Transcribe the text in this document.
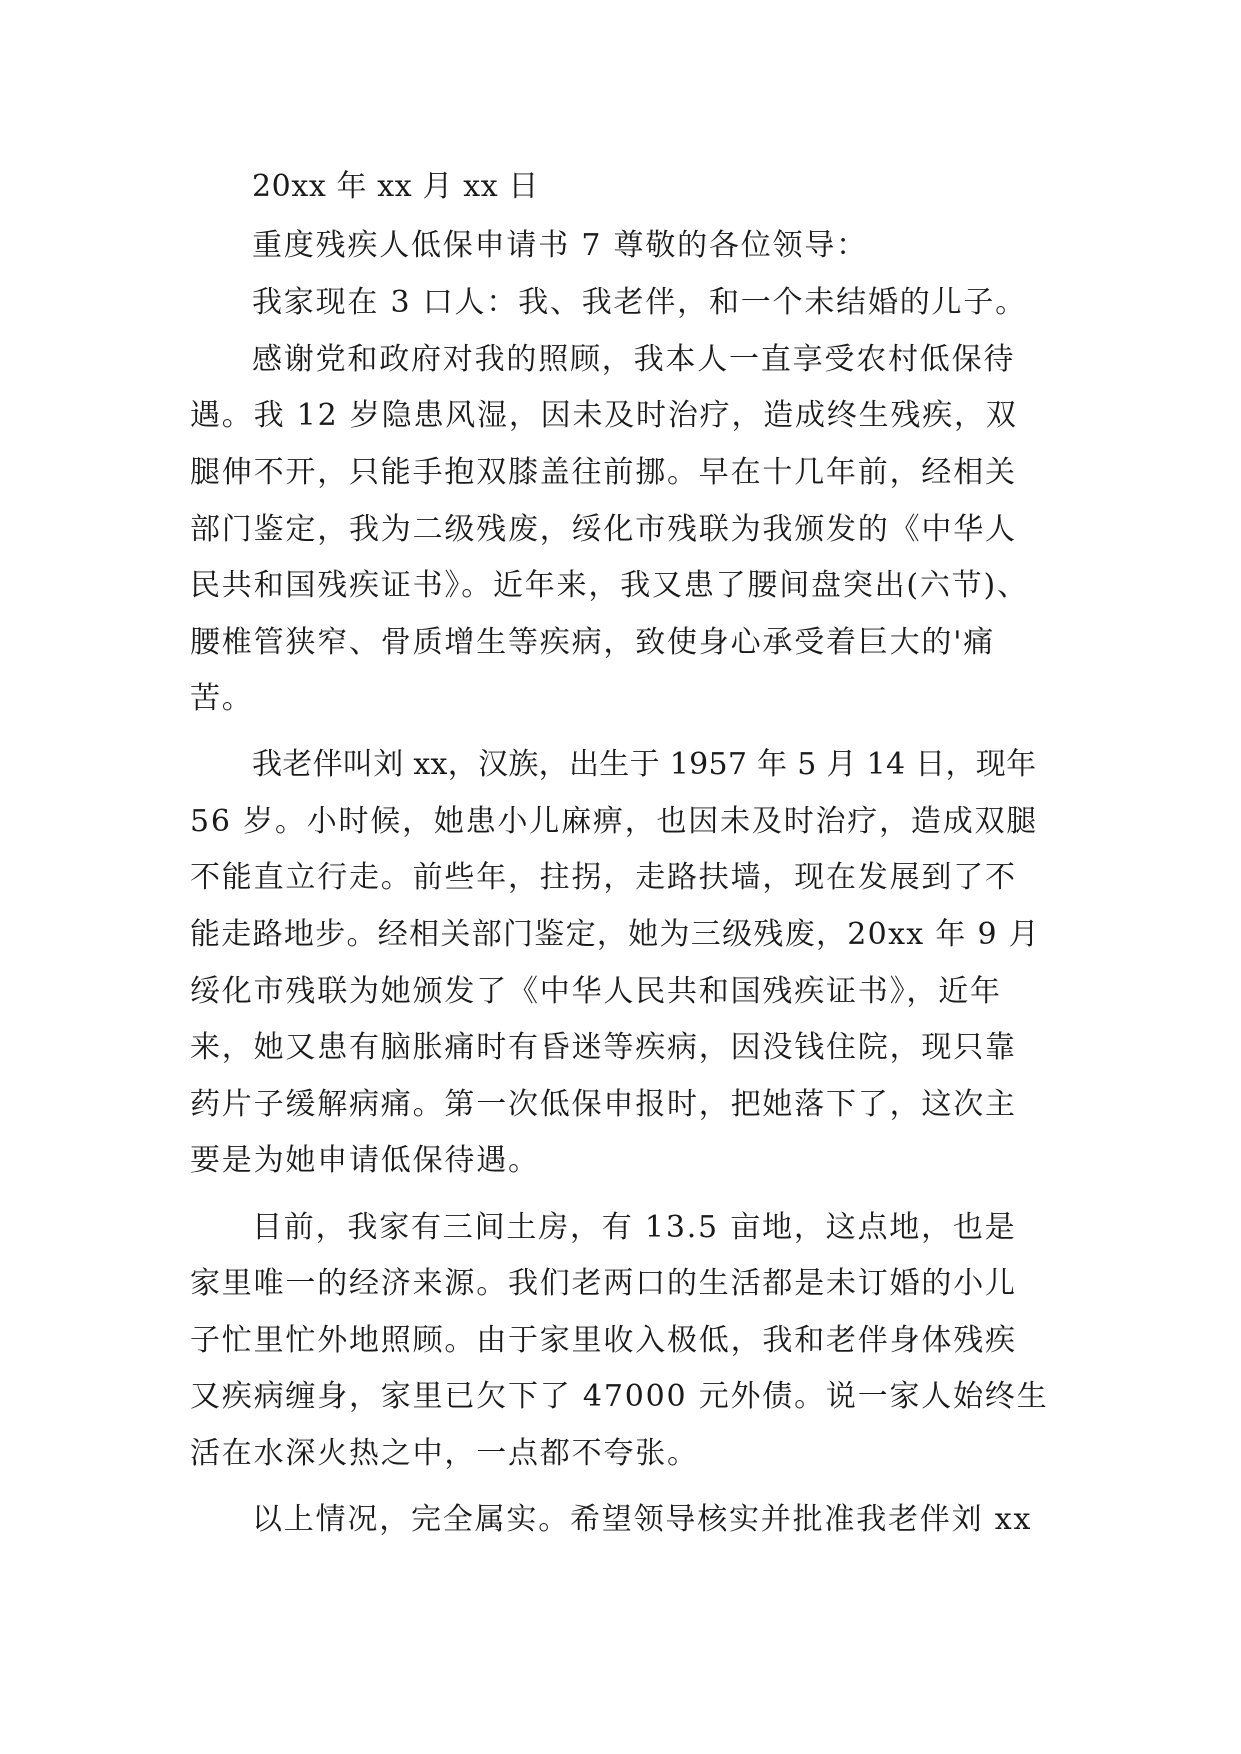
20xx 年 xx 月 xx 日
重度残疾人低保申请书 7 尊敬的各位领导：
我家现在 3 口人：我、我老伴，和一个未结婚的儿子。
感谢党和政府对我的照顾，我本人一直享受农村低保待
遇。我 12 岁隐患风湿，因未及时治疗，造成终生残疾，双
腿伸不开，只能手抱双膝盖往前挪。早在十几年前，经相关
部门鉴定，我为二级残废，绥化市残联为我颁发的《中华人
民共和国残疾证书》。近年来，我又患了腰间盘突出(六节)、
腰椎管狭窄、骨质增生等疾病，致使身心承受着巨大的'痛
苦。
我老伴叫刘 xx，汉族，出生于 1957 年 5 月 14 日，现年
56 岁。小时候，她患小儿麻痹，也因未及时治疗，造成双腿
不能直立行走。前些年，拄拐，走路扶墙，现在发展到了不
能走路地步。经相关部门鉴定，她为三级残废，20xx 年 9 月
绥化市残联为她颁发了《中华人民共和国残疾证书》，近年
来，她又患有脑胀痛时有昏迷等疾病，因没钱住院，现只靠
药片子缓解病痛。第一次低保申报时，把她落下了，这次主
要是为她申请低保待遇。
目前，我家有三间土房，有 13.5 亩地，这点地，也是
家里唯一的经济来源。我们老两口的生活都是未订婚的小儿
子忙里忙外地照顾。由于家里收入极低，我和老伴身体残疾
又疾病缠身，家里已欠下了 47000 元外债。说一家人始终生
活在水深火热之中，一点都不夸张。
以上情况，完全属实。希望领导核实并批准我老伴刘 xx
